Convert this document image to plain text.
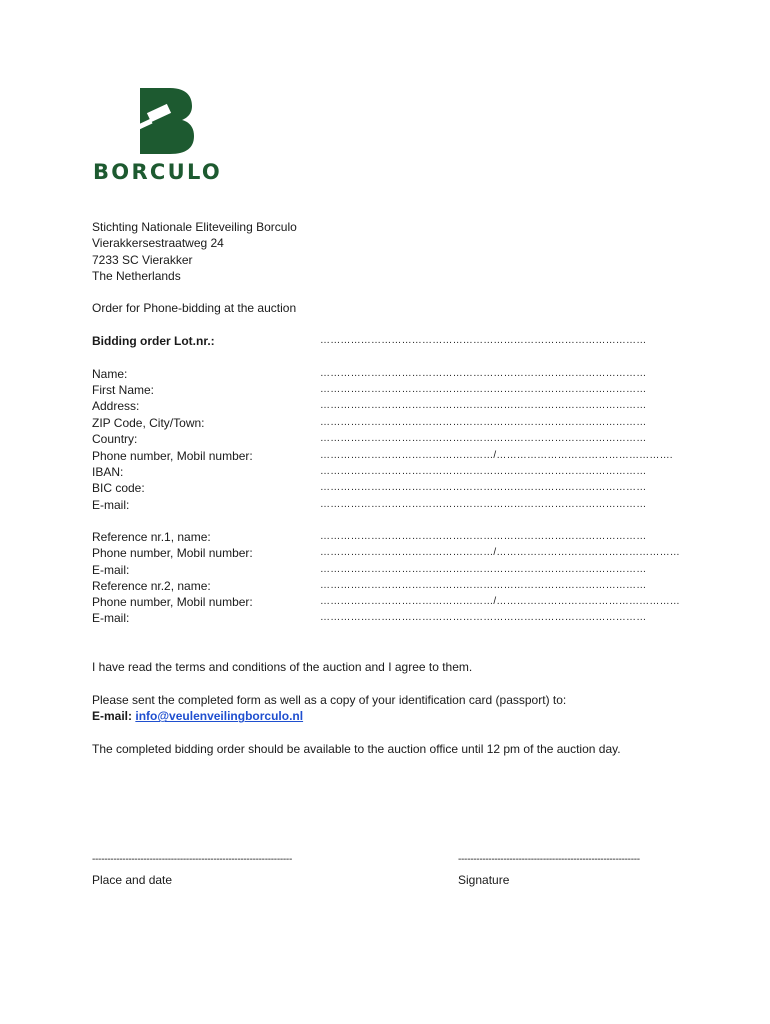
BORCULO
Stichting Nationale Eliteveiling Borculo
Vierakkersestraatweg 24
7233 SC Vierakker
The Netherlands
Order for Phone-bidding at the auction
Bidding order Lot.nr.:	……………………………………………………………………………………
Name:	……………………………………………………………………………………
First Name:	……………………………………………………………………………………
Address:	……………………………………………………………………………………
ZIP Code, City/Town:	……………………………………………………………………………………
Country:	……………………………………………………………………………………
Phone number, Mobil number:	……………………………………………/…………………………………………….
IBAN:	……………………………………………………………………………………
BIC code:	……………………………………………………………………………………
E-mail:	……………………………………………………………………………………
Reference nr.1, name:	……………………………………………………………………………………
Phone number, Mobil number:	……………………………………………/………………………………………………
E-mail:	……………………………………………………………………………………
Reference nr.2, name:	……………………………………………………………………………………
Phone number, Mobil number:	……………………………………………/………………………………………………
E-mail:	……………………………………………………………………………………
I have read the terms and conditions of the auction and I agree to them.
Please sent the completed form as well as a copy of your identification card (passport) to:
E-mail: info@veulenveilingborculo.nl
The completed bidding order should be available to the auction office until 12 pm of the auction day.
------------------------------------------------------------------
Place and date
------------------------------------------------------------
Signature
